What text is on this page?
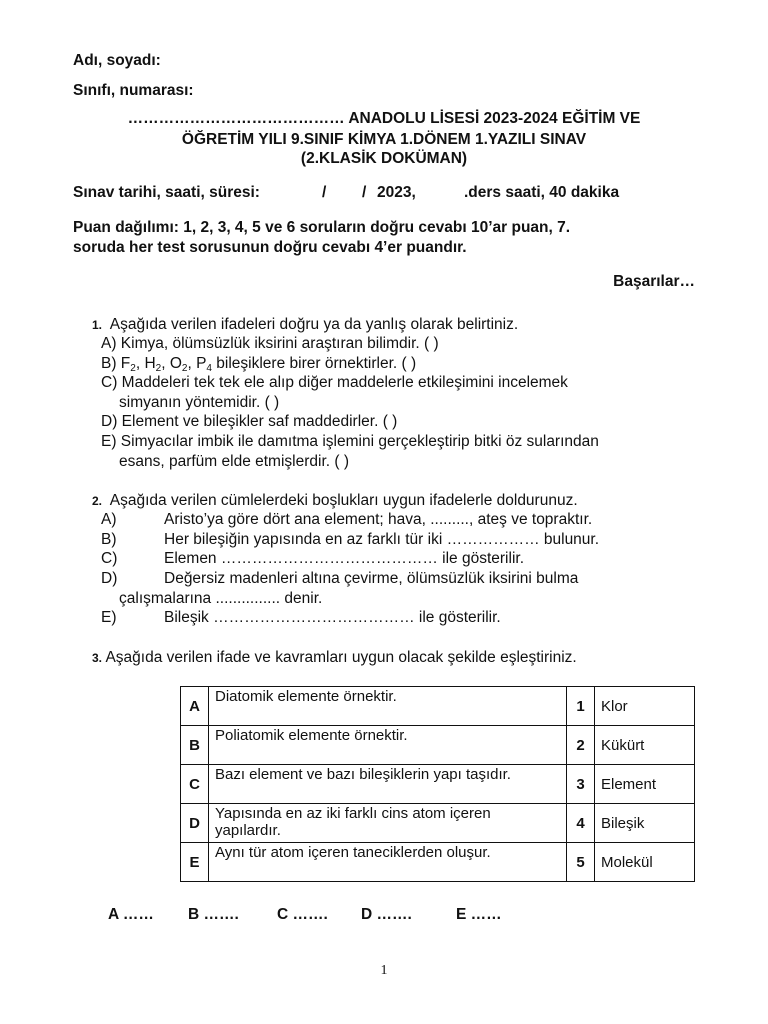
Adı, soyadı:
Sınıfı, numarası:
…………………………………… ANADOLU LİSESİ 2023-2024 EĞİTİM VE
ÖĞRETİM YILI 9.SINIF KİMYA 1.DÖNEM 1.YAZILI SINAV
(2.KLASİK DOKÜMAN)
Sınav tarihi, saati, süresi:	/ / 2023,	.ders saati, 40 dakika
Puan dağılımı: 1, 2, 3, 4, 5 ve 6 soruların doğru cevabı 10’ar puan, 7.
soruda her test sorusunun doğru cevabı 4’er puandır.
Başarılar…
1. Aşağıda verilen ifadeleri doğru ya da yanlış olarak belirtiniz.
A) Kimya, ölümsüzlük iksirini araştıran bilimdir. ( )
B) $F_2$, $H_2$, $O_2$, $P_4$ bileşiklere birer örnektirler. ( )
C) Maddeleri tek tek ele alıp diğer maddelerle etkileşimini incelemek
simyanın yöntemidir. ( )
D) Element ve bileşikler saf maddedirler. ( )
E) Simyacılar imbik ile damıtma işlemini gerçekleştirip bitki öz sularından
esans, parfüm elde etmişlerdir. ( )
2. Aşağıda verilen cümlelerdeki boşlukları uygun ifadelerle doldurunuz.
A)	Aristo’ya göre dört ana element; hava, ........., ateş ve topraktır.
B)	Her bileşiğin yapısında en az farklı tür iki ……………… bulunur.
C)	Elemen …………………………………… ile gösterilir.
D)	Değersiz madenleri altına çevirme, ölümsüzlük iksirini bulma
çalışmalarına ............... denir.
E)	Bileşik ………………………………… ile gösterilir.
3. Aşağıda verilen ifade ve kavramları uygun olacak şekilde eşleştiriniz.
A	Diatomik elemente örnektir.	1	Klor
B	Poliatomik elemente örnektir.	2	Kükürt
C	Bazı element ve bazı bileşiklerin yapı taşıdır.	3	Element
D	Yapısında en az iki farklı cins atom içeren yapılardır.	4	Bileşik
E	Aynı tür atom içeren taneciklerden oluşur.	5	Molekül
A …… B ……. C ……. D …….	E ……
1
